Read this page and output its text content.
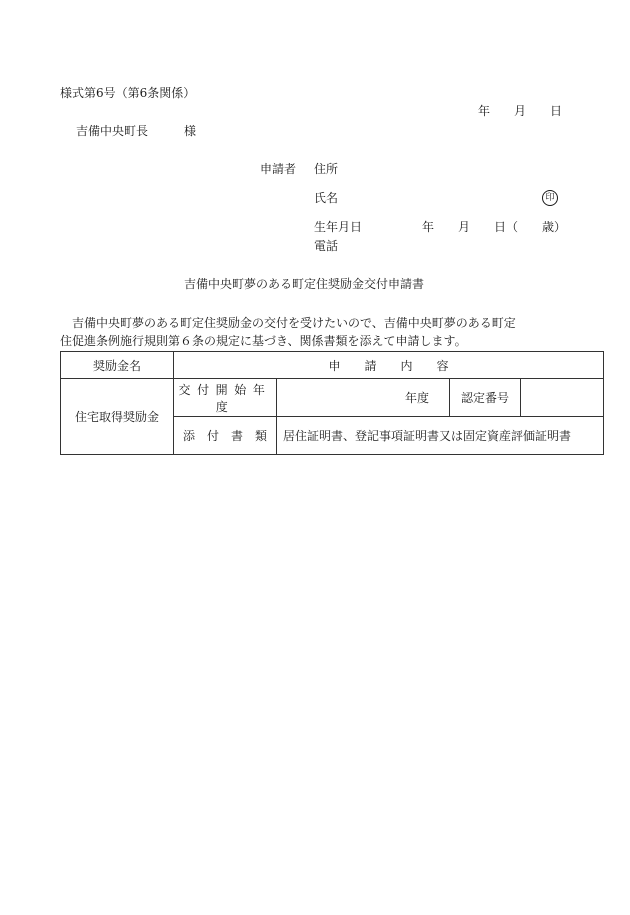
様式第6号（第6条関係）
年　　月　　日
吉備中央町長　　　様
申請者 住所
氏名	印
生年月日	年　　月　　日（　　歳）
電話
吉備中央町夢のある町定住奨励金交付申請書
吉備中央町夢のある町定住奨励金の交付を受けたいので、吉備中央町夢のある町定
住促進条例施行規則第６条の規定に基づき、関係書類を添えて申請します。
奨励金名	申　　請　　内　　容			
住宅取得奨励金	交付開始年度	年度	認定番号	
	添　付　書　類	居住証明書、登記事項証明書又は固定資産評価証明書		
